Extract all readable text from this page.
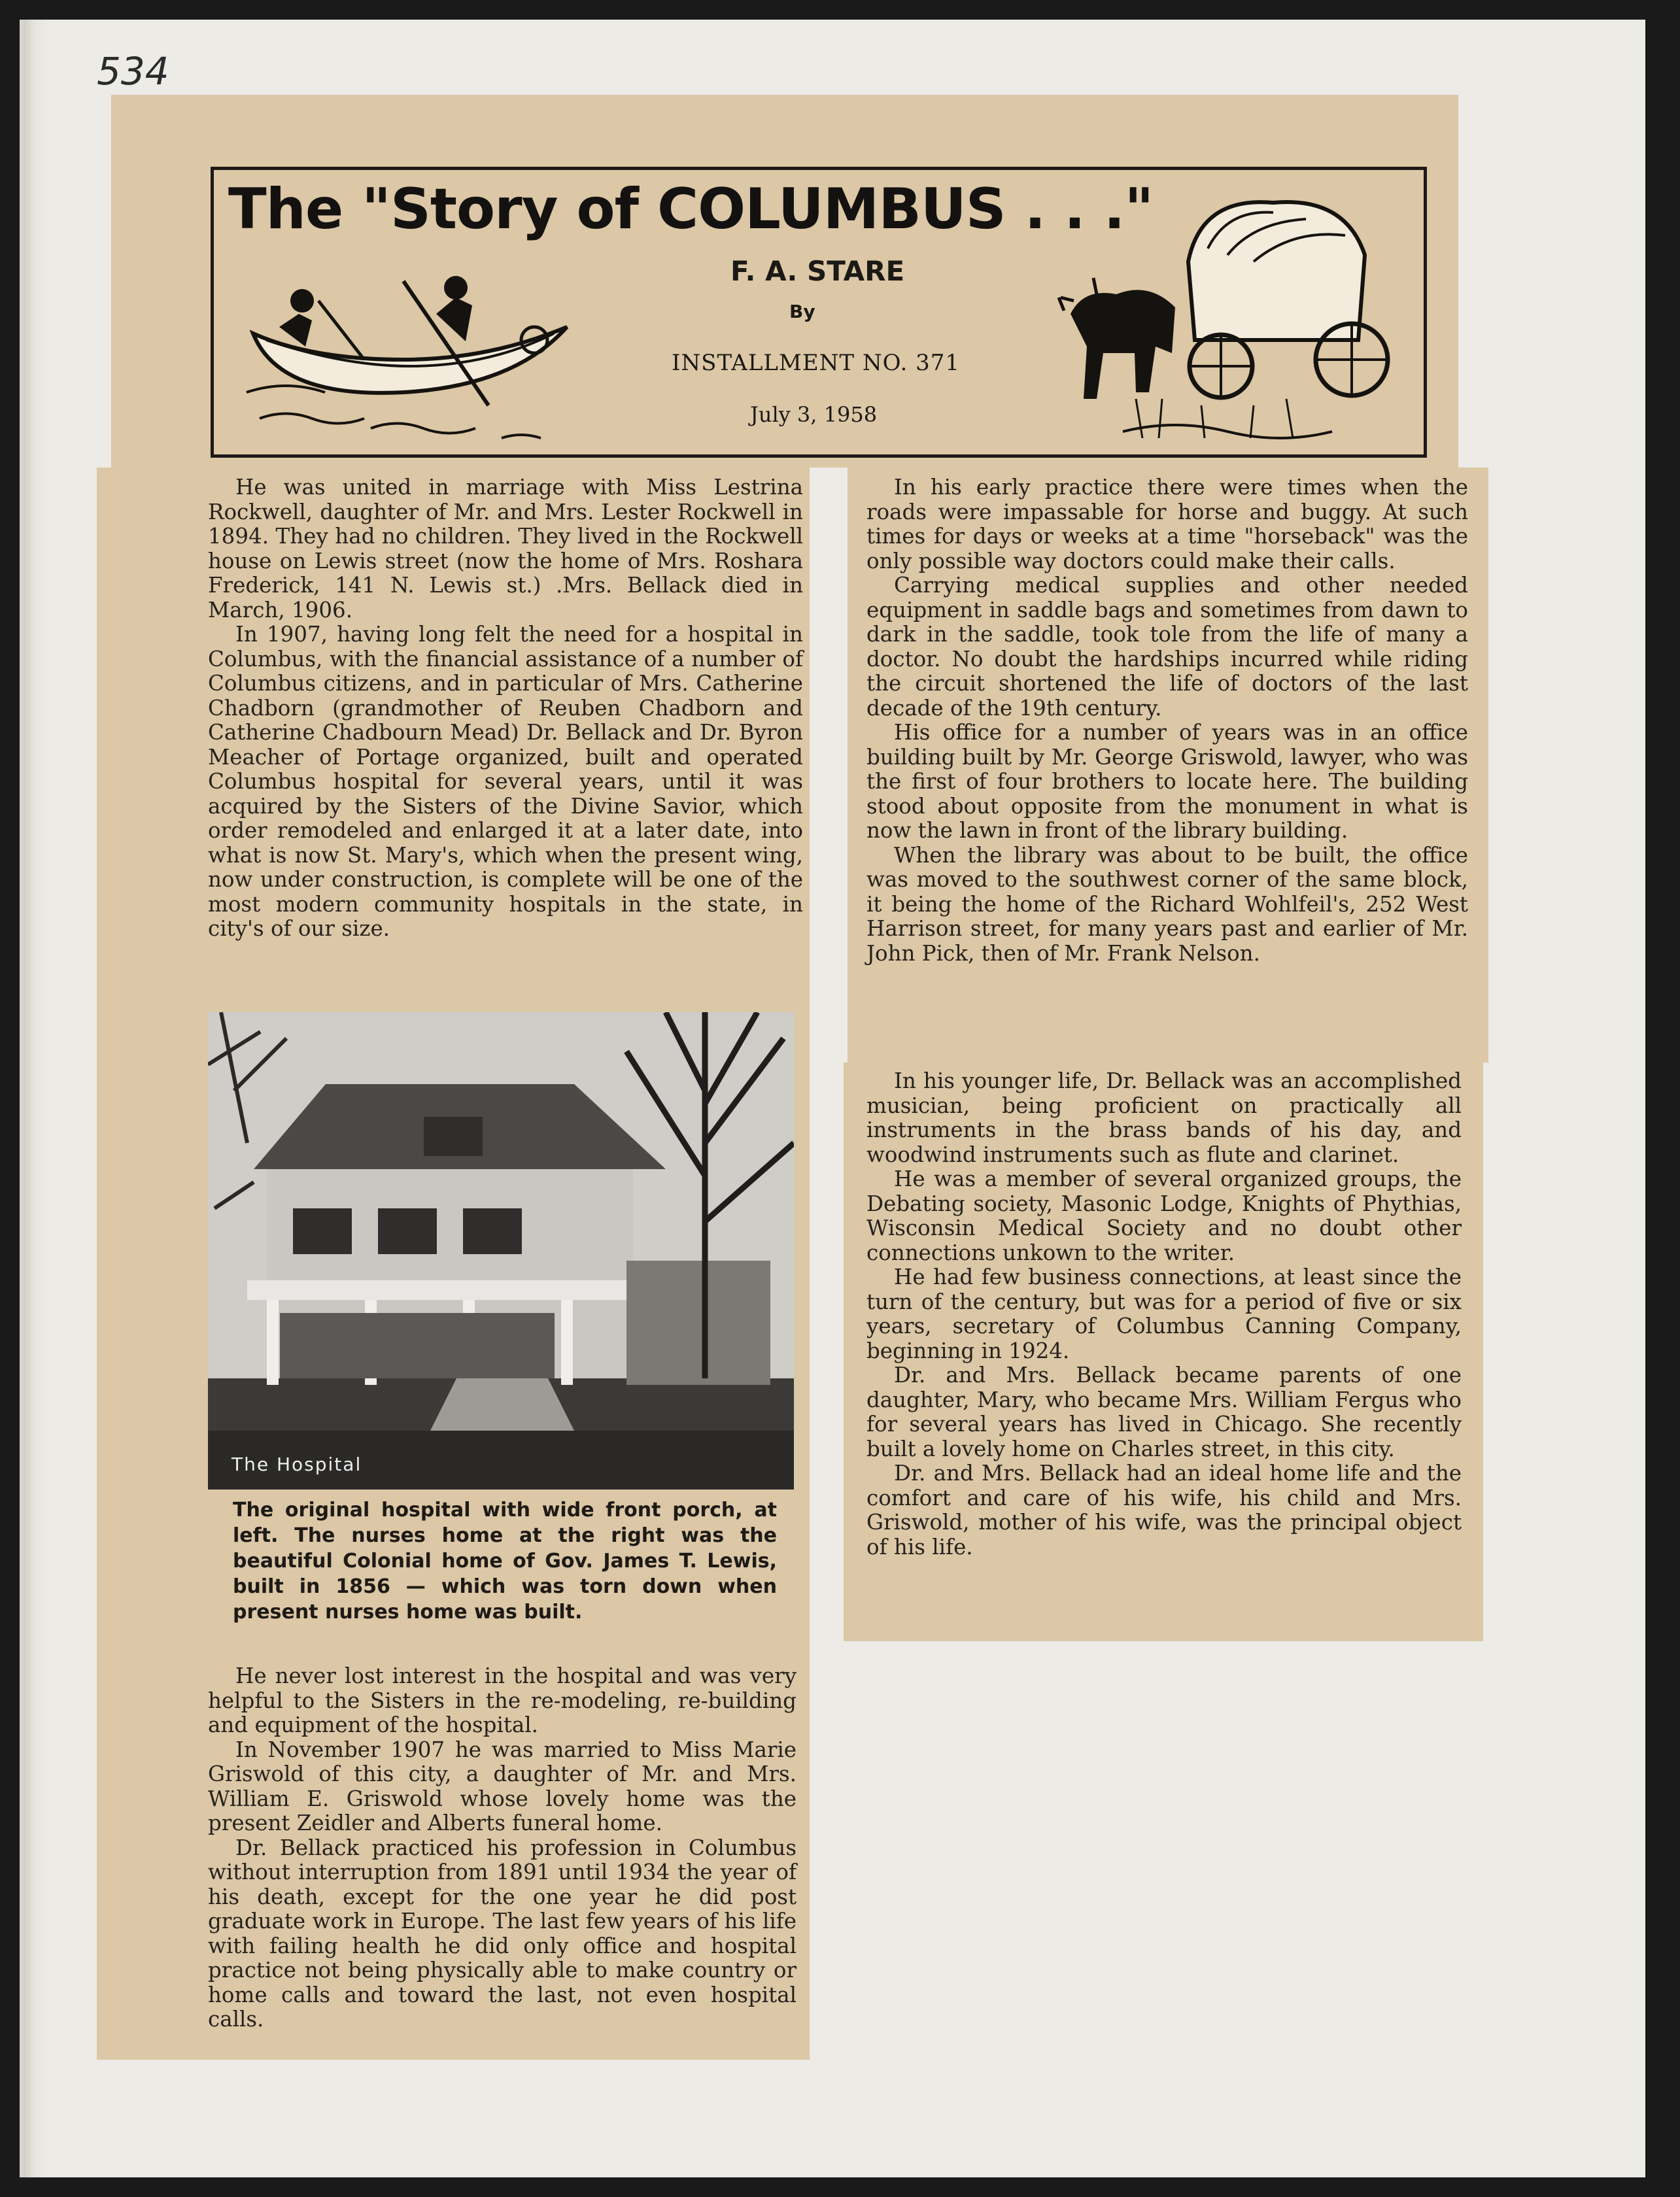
534
The "Story of COLUMBUS . . ."
F. A. STARE
By
INSTALLMENT NO. 371
July 3, 1958

He was united in marriage with Miss Lestrina Rockwell, daughter of Mr. and Mrs. Lester Rockwell in 1894. They had no children. They lived in the Rockwell house on Lewis street (now the home of Mrs. Roshara Frederick, 141 N. Lewis st.) .Mrs. Bellack died in March, 1906.

In 1907, having long felt the need for a hospital in Columbus, with the financial assistance of a number of Columbus citizens, and in particular of Mrs. Catherine Chadborn (grandmother of Reuben Chadborn and Catherine Chadbourn Mead) Dr. Bellack and Dr. Byron Meacher of Portage organized, built and operated Columbus hospital for several years, until it was acquired by the Sisters of the Divine Savior, which order remodeled and enlarged it at a later date, into what is now St. Mary's, which when the present wing, now under construction, is complete will be one of the most modern community hospitals in the state, in city's of our size.

The Hospital
The original hospital with wide front porch, at left. The nurses home at the right was the beautiful Colonial home of Gov. James T. Lewis, built in 1856 — which was torn down when present nurses home was built.

He never lost interest in the hospital and was very helpful to the Sisters in the re-modeling, re-building and equipment of the hospital.

In November 1907 he was married to Miss Marie Griswold of this city, a daughter of Mr. and Mrs. William E. Griswold whose lovely home was the present Zeidler and Alberts funeral home.

Dr. Bellack practiced his profession in Columbus without interruption from 1891 until 1934 the year of his death, except for the one year he did post graduate work in Europe. The last few years of his life with failing health he did only office and hospital practice not being physically able to make country or home calls and toward the last, not even hospital calls.

In his early practice there were times when the roads were impassable for horse and buggy. At such times for days or weeks at a time "horseback" was the only possible way doctors could make their calls.

Carrying medical supplies and other needed equipment in saddle bags and sometimes from dawn to dark in the saddle, took tole from the life of many a doctor. No doubt the hardships incurred while riding the circuit shortened the life of doctors of the last decade of the 19th century.

His office for a number of years was in an office building built by Mr. George Griswold, lawyer, who was the first of four brothers to locate here. The building stood about opposite from the monument in what is now the lawn in front of the library building.

When the library was about to be built, the office was moved to the southwest corner of the same block, it being the home of the Richard Wohlfeil's, 252 West Harrison street, for many years past and earlier of Mr. John Pick, then of Mr. Frank Nelson.

In his younger life, Dr. Bellack was an accomplished musician, being proficient on practically all instruments in the brass bands of his day, and woodwind instruments such as flute and clarinet.

He was a member of several organized groups, the Debating society, Masonic Lodge, Knights of Phythias, Wisconsin Medical Society and no doubt other connections unkown to the writer.

He had few business connections, at least since the turn of the century, but was for a period of five or six years, secretary of Columbus Canning Company, beginning in 1924.

Dr. and Mrs. Bellack became parents of one daughter, Mary, who became Mrs. William Fergus who for several years has lived in Chicago. She recently built a lovely home on Charles street, in this city.

Dr. and Mrs. Bellack had an ideal home life and the comfort and care of his wife, his child and Mrs. Griswold, mother of his wife, was the principal object of his life.
